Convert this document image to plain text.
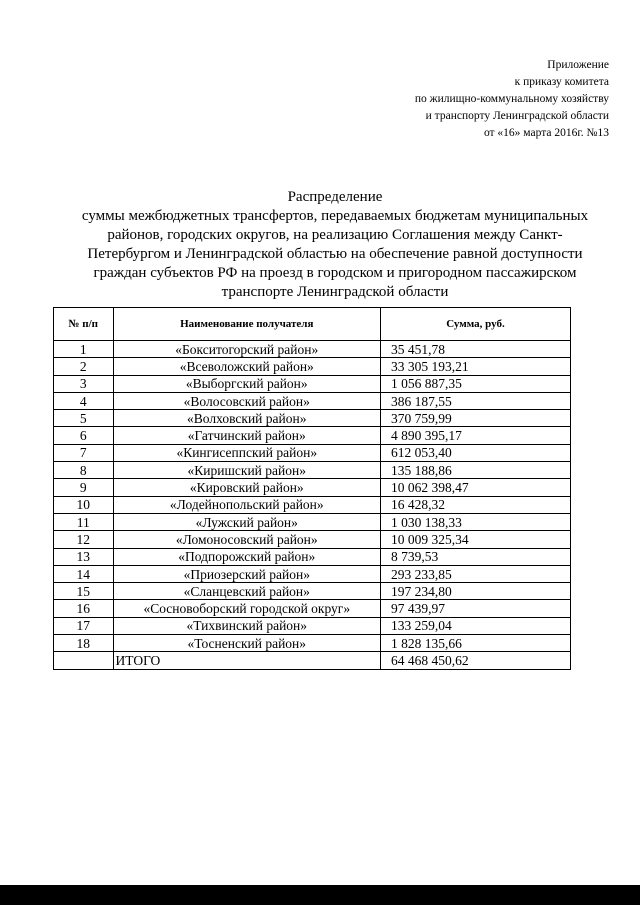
Приложение
к приказу комитета
по жилищно-коммунальному хозяйству
и транспорту Ленинградской области
от «16» марта 2016г. №13
Распределение
суммы межбюджетных трансфертов, передаваемых бюджетам муниципальных
районов, городских округов, на реализацию Соглашения между Санкт-
Петербургом и Ленинградской областью на обеспечение равной доступности
граждан субъектов РФ на проезд в городском и пригородном пассажирском
транспорте Ленинградской области
№ п/п	Наименование получателя	Сумма, руб.
1	«Бокситогорский район»	35 451,78
2	«Всеволожский район»	33 305 193,21
3	«Выборгский район»	1 056 887,35
4	«Волосовский район»	386 187,55
5	«Волховский район»	370 759,99
6	«Гатчинский район»	4 890 395,17
7	«Кингисеппский район»	612 053,40
8	«Киришский район»	135 188,86
9	«Кировский район»	10 062 398,47
10	«Лодейнопольский район»	16 428,32
11	«Лужский район»	1 030 138,33
12	«Ломоносовский район»	10 009 325,34
13	«Подпорожский район»	8 739,53
14	«Приозерский район»	293 233,85
15	«Сланцевский район»	197 234,80
16	«Сосновоборский городской округ»	97 439,97
17	«Тихвинский район»	133 259,04
18	«Тосненский район»	1 828 135,66
	ИТОГО	64 468 450,62
